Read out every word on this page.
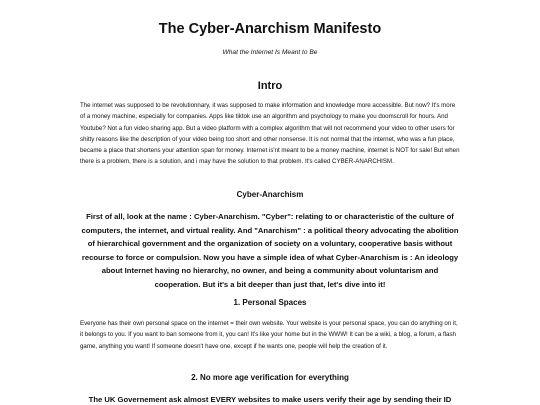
The Cyber-Anarchism Manifesto

What the Internet Is Meant to Be

Intro

The internet was supposed to be revolutionnary, it was supposed to make information and knowledge more accessible. But now? It's more of a money machine, especially for companies. Apps like tiktok use an algorithm and psychology to make you doomscroll for hours. And Youtube? Not a fun video sharing app. But a video platform with a complex algorithm that will not recommend your video to other users for shitty reasons like the description of your video being too short and other nonsense. It is not normal that the internet, who was a fun place, became a place that shortens your attention span for money. Internet is'nt meant to be a money machine, internet is NOT for sale! But when there is a problem, there is a solution, and i may have the solution to that problem. It's called CYBER-ANARCHISM.

Cyber-Anarchism

First of all, look at the name : Cyber-Anarchism. "Cyber": relating to or characteristic of the culture of computers, the internet, and virtual reality. And "Anarchism" : a political theory advocating the abolition of hierarchical government and the organization of society on a voluntary, cooperative basis without recourse to force or compulsion. Now you have a simple idea of what Cyber-Anarchism is : An ideology about Internet having no hierarchy, no owner, and being a community about voluntarism and cooperation. But it's a bit deeper than just that, let's dive into it!

1. Personal Spaces

Everyone has their own personal space on the internet = their own website. Your website is your personal space, you can do anything on it, it belongs to you. If you want to ban someone from it, you can! It's like your home but in the WWW! It can be a wiki, a blog, a forum, a flash game, anything you want! If someone doesn't have one, except if he wants one, people will help the creation of it.

2. No more age verification for everything

The UK Governement ask almost EVERY websites to make users verify their age by sending their ID
